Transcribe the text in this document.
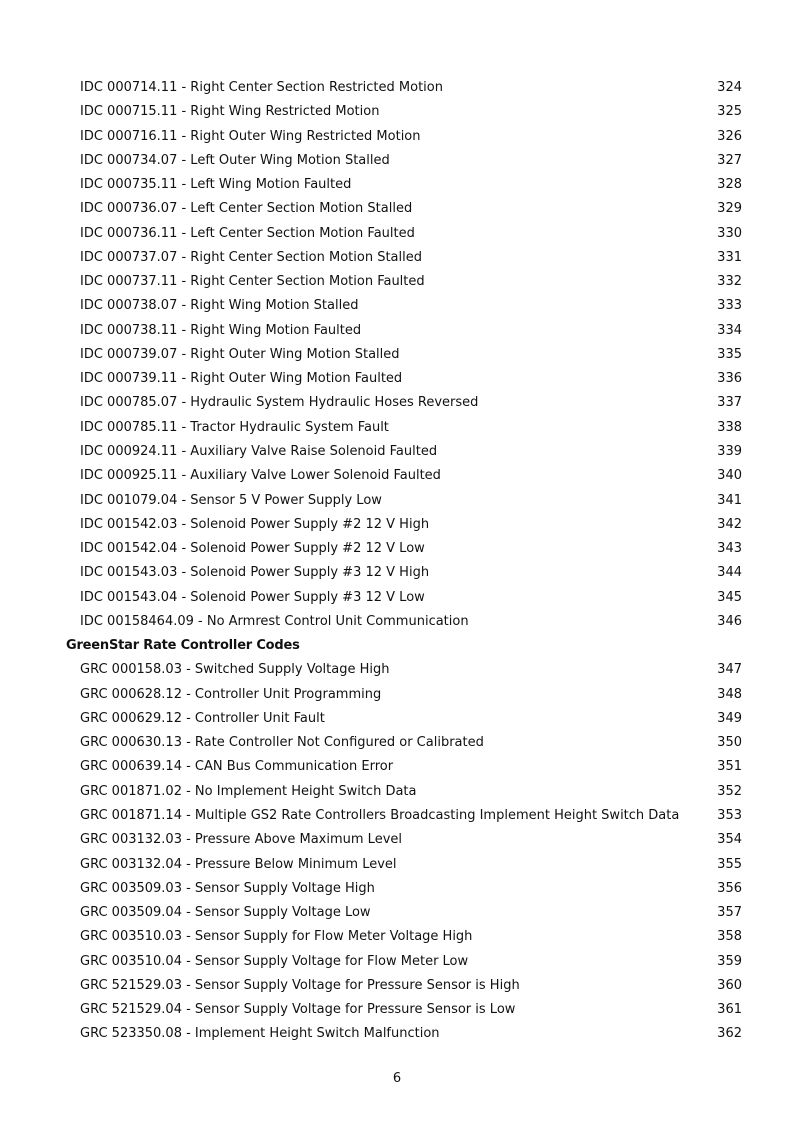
IDC 000714.11 - Right Center Section Restricted Motion	324
IDC 000715.11 - Right Wing Restricted Motion	325
IDC 000716.11 - Right Outer Wing Restricted Motion	326
IDC 000734.07 - Left Outer Wing Motion Stalled	327
IDC 000735.11 - Left Wing Motion Faulted	328
IDC 000736.07 - Left Center Section Motion Stalled	329
IDC 000736.11 - Left Center Section Motion Faulted	330
IDC 000737.07 - Right Center Section Motion Stalled	331
IDC 000737.11 - Right Center Section Motion Faulted	332
IDC 000738.07 - Right Wing Motion Stalled	333
IDC 000738.11 - Right Wing Motion Faulted	334
IDC 000739.07 - Right Outer Wing Motion Stalled	335
IDC 000739.11 - Right Outer Wing Motion Faulted	336
IDC 000785.07 - Hydraulic System Hydraulic Hoses Reversed	337
IDC 000785.11 - Tractor Hydraulic System Fault	338
IDC 000924.11 - Auxiliary Valve Raise Solenoid Faulted	339
IDC 000925.11 - Auxiliary Valve Lower Solenoid Faulted	340
IDC 001079.04 - Sensor 5 V Power Supply Low	341
IDC 001542.03 - Solenoid Power Supply #2 12 V High	342
IDC 001542.04 - Solenoid Power Supply #2 12 V Low	343
IDC 001543.03 - Solenoid Power Supply #3 12 V High	344
IDC 001543.04 - Solenoid Power Supply #3 12 V Low	345
IDC 00158464.09 - No Armrest Control Unit Communication	346
GreenStar Rate Controller Codes
GRC 000158.03 - Switched Supply Voltage High	347
GRC 000628.12 - Controller Unit Programming	348
GRC 000629.12 - Controller Unit Fault	349
GRC 000630.13 - Rate Controller Not Configured or Calibrated	350
GRC 000639.14 - CAN Bus Communication Error	351
GRC 001871.02 - No Implement Height Switch Data	352
GRC 001871.14 - Multiple GS2 Rate Controllers Broadcasting Implement Height Switch Data	353
GRC 003132.03 - Pressure Above Maximum Level	354
GRC 003132.04 - Pressure Below Minimum Level	355
GRC 003509.03 - Sensor Supply Voltage High	356
GRC 003509.04 - Sensor Supply Voltage Low	357
GRC 003510.03 - Sensor Supply for Flow Meter Voltage High	358
GRC 003510.04 - Sensor Supply Voltage for Flow Meter Low	359
GRC 521529.03 - Sensor Supply Voltage for Pressure Sensor is High	360
GRC 521529.04 - Sensor Supply Voltage for Pressure Sensor is Low	361
GRC 523350.08 - Implement Height Switch Malfunction	362
6
